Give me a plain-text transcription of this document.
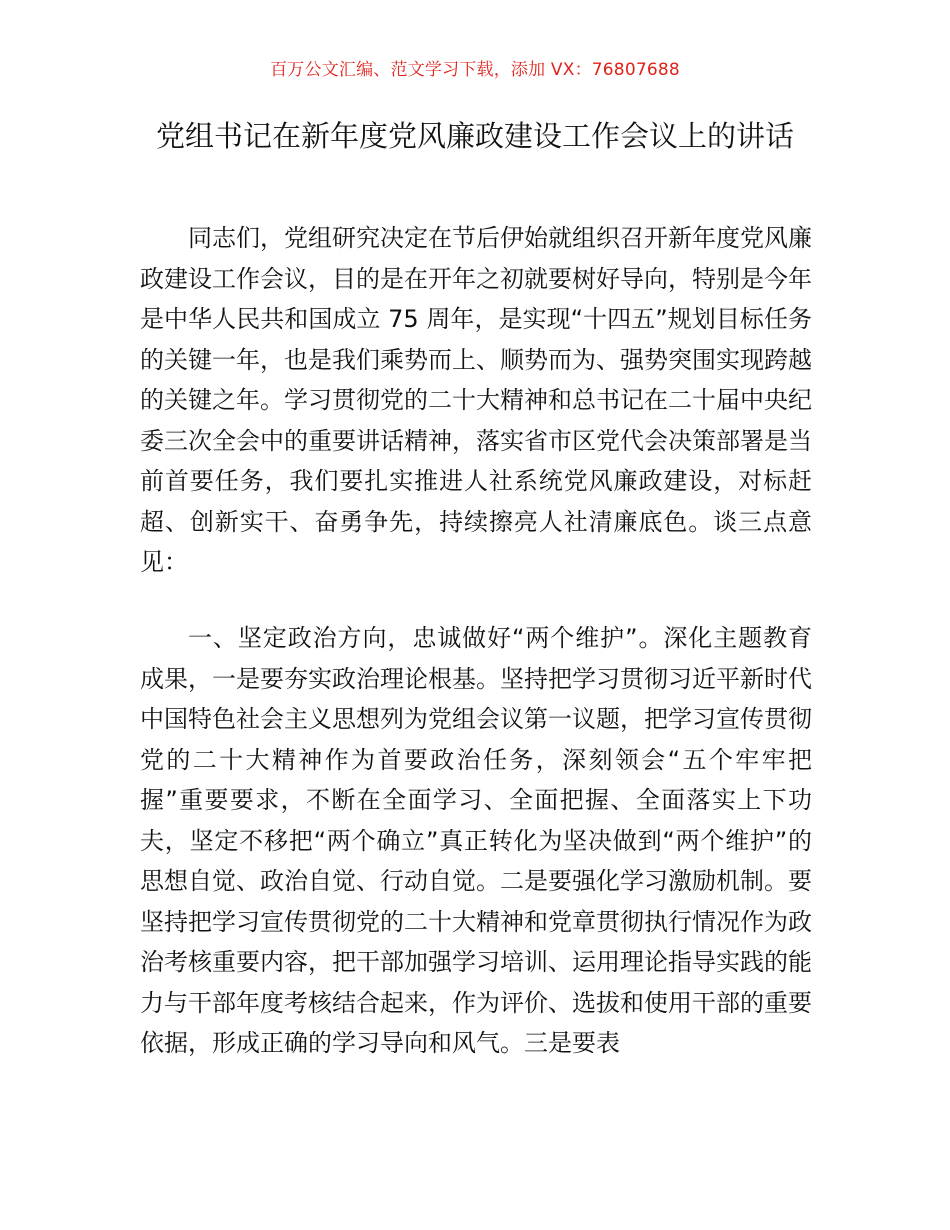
百万公文汇编、范文学习下载，添加 VX：76807688
党组书记在新年度党风廉政建设工作会议上的讲话

同志们，党组研究决定在节后伊始就组织召开新年度党风廉政建设工作会议，目的是在开年之初就要树好导向，特别是今年是中华人民共和国成立 75 周年，是实现“十四五”规划目标任务的关键一年，也是我们乘势而上、顺势而为、强势突围实现跨越的关键之年。学习贯彻党的二十大精神和总书记在二十届中央纪委三次全会中的重要讲话精神，落实省市区党代会决策部署是当前首要任务，我们要扎实推进人社系统党风廉政建设，对标赶超、创新实干、奋勇争先，持续擦亮人社清廉底色。谈三点意见：

一、坚定政治方向，忠诚做好“两个维护”。深化主题教育成果，一是要夯实政治理论根基。坚持把学习贯彻习近平新时代中国特色社会主义思想列为党组会议第一议题，把学习宣传贯彻党的二十大精神作为首要政治任务，深刻领会“五个牢牢把握”重要要求，不断在全面学习、全面把握、全面落实上下功夫，坚定不移把“两个确立”真正转化为坚决做到“两个维护”的思想自觉、政治自觉、行动自觉。二是要强化学习激励机制。要坚持把学习宣传贯彻党的二十大精神和党章贯彻执行情况作为政治考核重要内容，把干部加强学习培训、运用理论指导实践的能力与干部年度考核结合起来，作为评价、选拔和使用干部的重要依据，形成正确的学习导向和风气。三是要表
